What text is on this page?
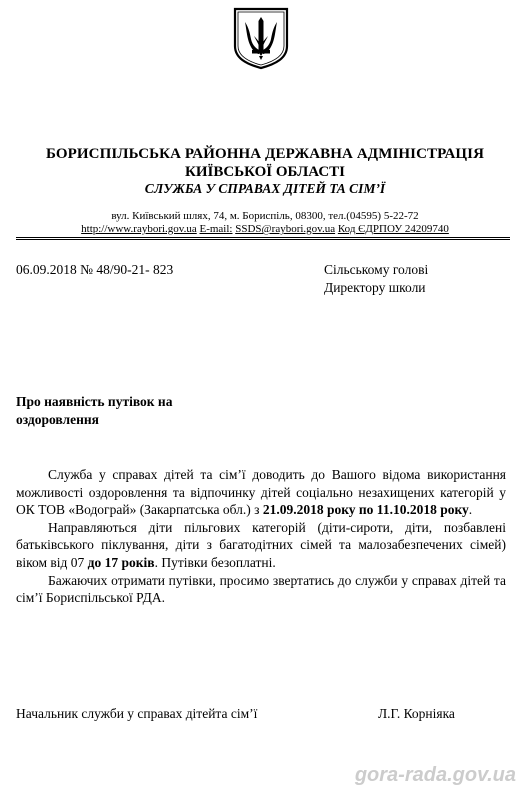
БОРИСПІЛЬСЬКА РАЙОННА ДЕРЖАВНА АДМІНІСТРАЦІЯ
КИЇВСЬКОЇ ОБЛАСТІ
СЛУЖБА У СПРАВАХ ДІТЕЙ ТА СІМ’Ї
вул. Київський шлях, 74, м. Бориспіль, 08300, тел.(04595) 5-22-72
http://www.raybori.gov.ua E-mail: SSDS@raybori.gov.ua Код ЄДРПОУ 24209740
06.09.2018 № 48/90-21- 823	Сільському голові
Директору школи
Про наявність путівок на оздоровлення

Служба у справах дітей та сім’ї доводить до Вашого відома використання можливості оздоровлення та відпочинку дітей соціально незахищених категорій у ОК ТОВ «Водограй» (Закарпатська обл.) з 21.09.2018 року по 11.10.2018 року.

Направляються діти пільгових категорій (діти-сироти, діти, позбавлені батьківського піклування, діти з багатодітних сімей та малозабезпечених сімей) віком від 07 до 17 років. Путівки безоплатні.

Бажаючих отримати путівки, просимо звертатись до служби у справах дітей та сім’ї Бориспільської РДА.

Начальник служби у справах дітейта сім’ї	Л.Г. Корніяка
gora-rada.gov.ua
